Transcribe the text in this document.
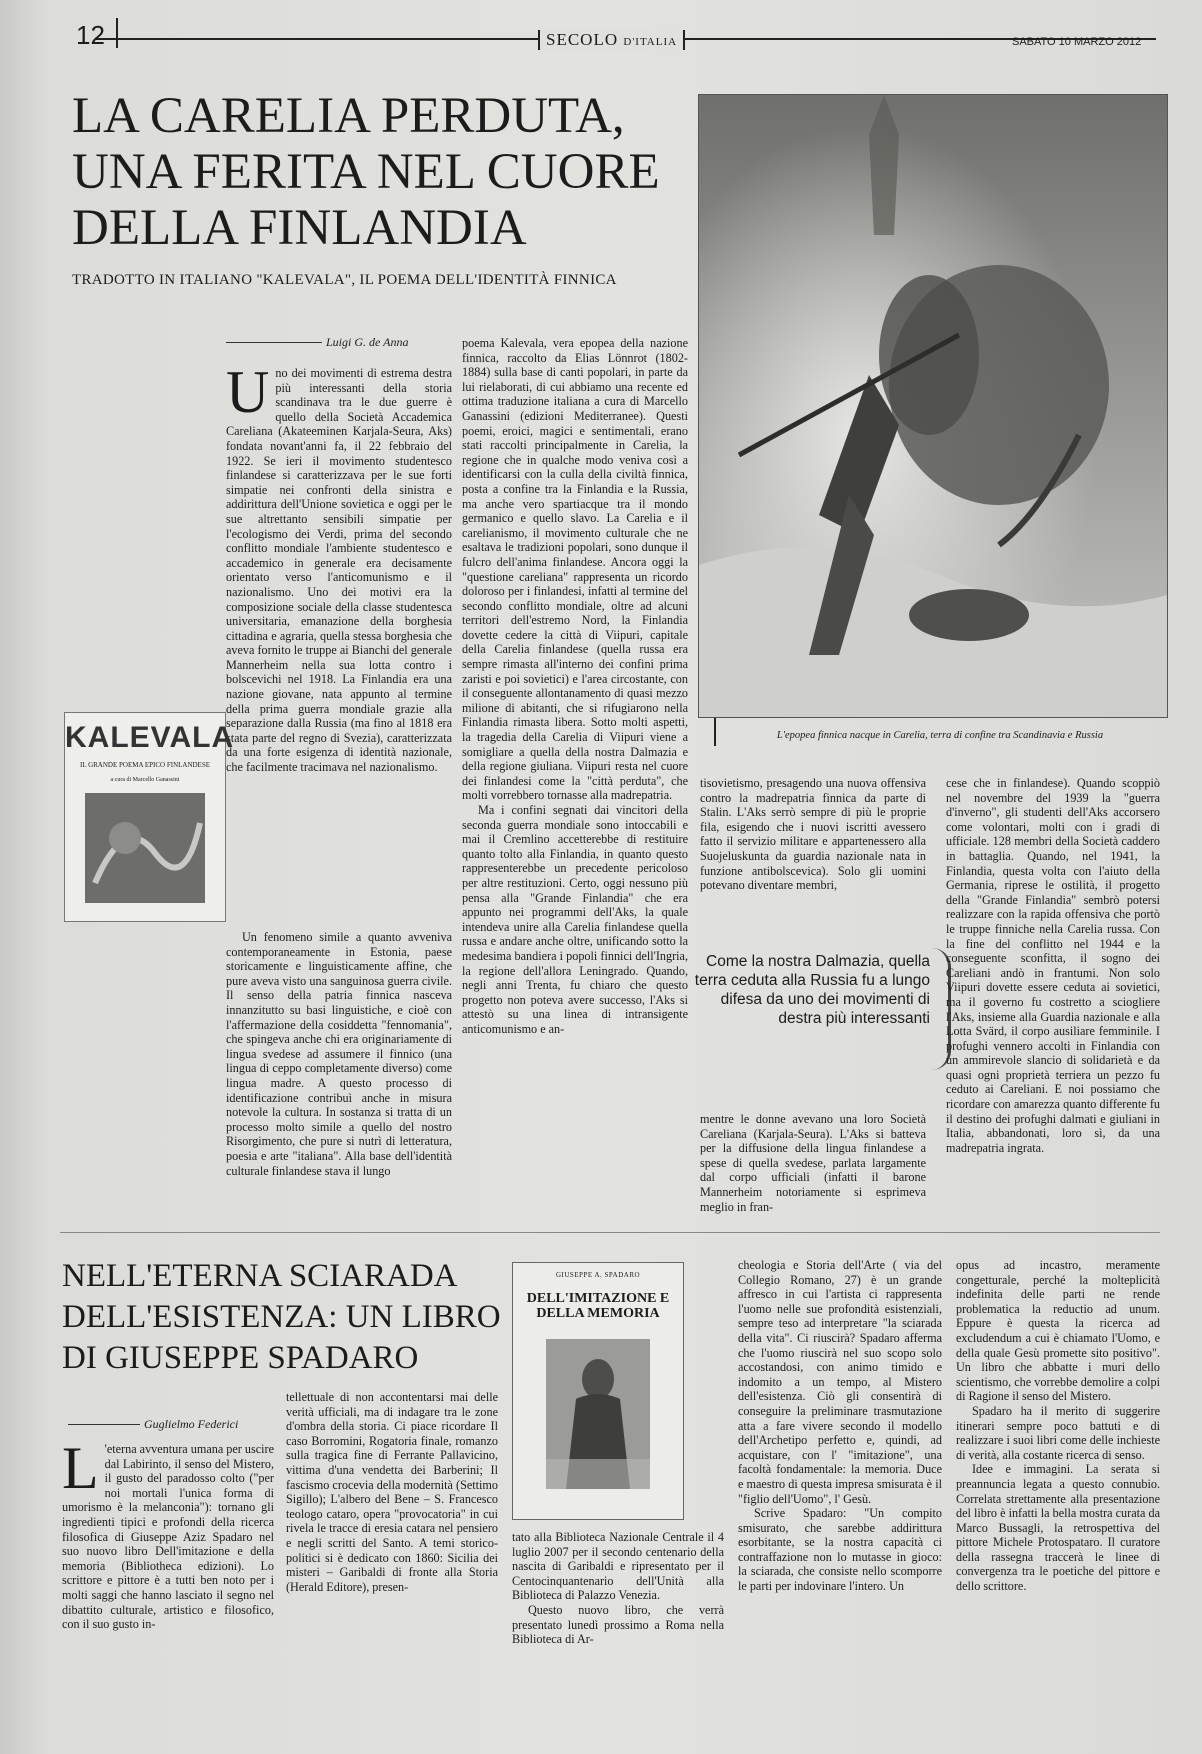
12	SECOLO D'ITALIA	SABATO 10 MARZO 2012
LA CARELIA PERDUTA,
UNA FERITA NEL CUORE
DELLA FINLANDIA
TRADOTTO IN ITALIANO "KALEVALA", IL POEMA DELL'IDENTITÀ FINNICA
Luigi G. de Anna
L'epopea finnica nacque in Carelia, terra di confine tra Scandinavia e Russia

Uno dei movimenti di estrema destra più interessanti della storia scandinava tra le due guerre è quello della Società Accademica Careliana (Akateeminen Karjala-Seura, Aks) fondata novant'anni fa, il 22 febbraio del 1922. Se ieri il movimento studentesco finlandese si caratterizzava per le sue forti simpatie nei confronti della sinistra e addirittura dell'Unione sovietica e oggi per le sue altrettanto sensibili simpatie per l'ecologismo dei Verdi, prima del secondo conflitto mondiale l'ambiente studentesco e accademico in generale era decisamente orientato verso l'anticomunismo e il nazionalismo. Uno dei motivi era la composizione sociale della classe studentesca universitaria, emanazione della borghesia cittadina e agraria, quella stessa borghesia che aveva fornito le truppe ai Bianchi del generale Mannerheim nella sua lotta contro i bolscevichi nel 1918. La Finlandia era una nazione giovane, nata appunto al termine della prima guerra mondiale grazie alla separazione dalla Russia (ma fino al 1818 era stata parte del regno di Svezia), caratterizzata da una forte esigenza di identità nazionale, che facilmente tracimava nel nazionalismo.

Un fenomeno simile a quanto avveniva contemporaneamente in Estonia, paese storicamente e linguisticamente affine, che pure aveva visto una sanguinosa guerra civile. Il senso della patria finnica nasceva innanzitutto su basi linguistiche, e cioè con l'affermazione della cosiddetta "fennomania", che spingeva anche chi era originariamente di lingua svedese ad assumere il finnico (una lingua di ceppo completamente diverso) come lingua madre. A questo processo di identificazione contribuì anche in misura notevole la cultura. In sostanza si tratta di un processo molto simile a quello del nostro Risorgimento, che pure si nutrì di letteratura, poesia e arte "italiana". Alla base dell'identità culturale finlandese stava il lungo

KALEVALA
IL GRANDE POEMA EPICO FINLANDESE
a cura di Marcello Ganassini

poema Kalevala, vera epopea della nazione finnica, raccolto da Elias Lönnrot (1802-1884) sulla base di canti popolari, in parte da lui rielaborati, di cui abbiamo una recente ed ottima traduzione italiana a cura di Marcello Ganassini (edizioni Mediterranee). Questi poemi, eroici, magici e sentimentali, erano stati raccolti principalmente in Carelia, la regione che in qualche modo veniva così a identificarsi con la culla della civiltà finnica, posta a confine tra la Finlandia e la Russia, ma anche vero spartiacque tra il mondo germanico e quello slavo. La Carelia e il carelianismo, il movimento culturale che ne esaltava le tradizioni popolari, sono dunque il fulcro dell'anima finlandese. Ancora oggi la "questione careliana" rappresenta un ricordo doloroso per i finlandesi, infatti al termine del secondo conflitto mondiale, oltre ad alcuni territori dell'estremo Nord, la Finlandia dovette cedere la città di Viipuri, capitale della Carelia finlandese (quella russa era sempre rimasta all'interno dei confini prima zaristi e poi sovietici) e l'area circostante, con il conseguente allontanamento di quasi mezzo milione di abitanti, che si rifugiarono nella Finlandia rimasta libera. Sotto molti aspetti, la tragedia della Carelia di Viipuri viene a somigliare a quella della nostra Dalmazia e della regione giuliana. Viipuri resta nel cuore dei finlandesi come la "città perduta", che molti vorrebbero tornasse alla madrepatria.

Ma i confini segnati dai vincitori della seconda guerra mondiale sono intoccabili e mai il Cremlino accetterebbe di restituire quanto tolto alla Finlandia, in quanto questo rappresenterebbe un precedente pericoloso per altre restituzioni. Certo, oggi nessuno più pensa alla "Grande Finlandia" che era appunto nei programmi dell'Aks, la quale intendeva unire alla Carelia finlandese quella russa e andare anche oltre, unificando sotto la medesima bandiera i popoli finnici dell'Ingria, la regione dell'allora Leningrado. Quando, negli anni Trenta, fu chiaro che questo progetto non poteva avere successo, l'Aks si attestò su una linea di intransigente anticomunismo e an-

tisovietismo, presagendo una nuova offensiva contro la madrepatria finnica da parte di Stalin. L'Aks serrò sempre di più le proprie fila, esigendo che i nuovi iscritti avessero fatto il servizio militare e appartenessero alla Suojeluskunta da guardia nazionale nata in funzione antibolscevica). Solo gli uomini potevano diventare membri,

Come la nostra Dalmazia, quella terra ceduta alla Russia fu a lungo difesa da uno dei movimenti di destra più interessanti

mentre le donne avevano una loro Società Careliana (Karjala-Seura). L'Aks si batteva per la diffusione della lingua finlandese a spese di quella svedese, parlata largamente dal corpo ufficiali (infatti il barone Mannerheim notoriamente si esprimeva meglio in fran-

cese che in finlandese). Quando scoppiò nel novembre del 1939 la "guerra d'inverno", gli studenti dell'Aks accorsero come volontari, molti con i gradi di ufficiale. 128 membri della Società caddero in battaglia. Quando, nel 1941, la Finlandia, questa volta con l'aiuto della Germania, riprese le ostilità, il progetto della "Grande Finlandia" sembrò potersi realizzare con la rapida offensiva che portò le truppe finniche nella Carelia russa. Con la fine del conflitto nel 1944 e la conseguente sconfitta, il sogno dei Careliani andò in frantumi. Non solo Viipuri dovette essere ceduta ai sovietici, ma il governo fu costretto a sciogliere l'Aks, insieme alla Guardia nazionale e alla Lotta Svärd, il corpo ausiliare femminile. I profughi vennero accolti in Finlandia con un ammirevole slancio di solidarietà e da quasi ogni proprietà terriera un pezzo fu ceduto ai Careliani. E noi possiamo che ricordare con amarezza quanto differente fu il destino dei profughi dalmati e giuliani in Italia, abbandonati, loro sì, da una madrepatria ingrata.

NELL'ETERNA SCIARADA
DELL'ESISTENZA: UN LIBRO
DI GIUSEPPE SPADARO
Guglielmo Federici

L 'eterna avventura umana per uscire dal Labirinto, il senso del Mistero, il gusto del paradosso colto ("per noi mortali l'unica forma di umorismo è la melanconia"): tornano gli ingredienti tipici e profondi della ricerca filosofica di Giuseppe Aziz Spadaro nel suo nuovo libro Dell'imitazione e della memoria (Bibliotheca edizioni). Lo scrittore e pittore è a tutti ben noto per i molti saggi che hanno lasciato il segno nel dibattito culturale, artistico e filosofico, con il suo gusto in-

tellettuale di non accontentarsi mai delle verità ufficiali, ma di indagare tra le zone d'ombra della storia. Ci piace ricordare Il caso Borromini, Rogatoria finale, romanzo sulla tragica fine di Ferrante Pallavicino, vittima d'una vendetta dei Barberini; Il fascismo crocevia della modernità (Settimo Sigillo); L'albero del Bene – S. Francesco teologo cataro, opera "provocatoria" in cui rivela le tracce di eresia catara nel pensiero e negli scritti del Santo. A temi storico-politici si è dedicato con 1860: Sicilia dei misteri – Garibaldi di fronte alla Storia (Herald Editore), presen-

GIUSEPPE A. SPADARO
DELL'IMITAZIONE E DELLA MEMORIA

tato alla Biblioteca Nazionale Centrale il 4 luglio 2007 per il secondo centenario della nascita di Garibaldi e ripresentato per il Centocinquantenario dell'Unità alla Biblioteca di Palazzo Venezia.

Questo nuovo libro, che verrà presentato lunedì prossimo a Roma nella Biblioteca di Ar-

cheologia e Storia dell'Arte ( via del Collegio Romano, 27) è un grande affresco in cui l'artista ci rappresenta l'uomo nelle sue profondità esistenziali, sempre teso ad interpretare "la sciarada della vita". Ci riuscirà? Spadaro afferma che l'uomo riuscirà nel suo scopo solo accostandosi, con animo timido e indomito a un tempo, al Mistero dell'esistenza. Ciò gli consentirà di conseguire la preliminare trasmutazione atta a fare vivere secondo il modello dell'Archetipo perfetto e, quindi, ad acquistare, con l' "imitazione", una facoltà fondamentale: la memoria. Duce e maestro di questa impresa smisurata è il "figlio dell'Uomo", l' Gesù.

Scrive Spadaro: "Un compito smisurato, che sarebbe addirittura esorbitante, se la nostra capacità ci contraffazione non lo mutasse in gioco: la sciarada, che consiste nello scomporre le parti per indovinare l'intero. Un

opus ad incastro, meramente congetturale, perché la molteplicità indefinita delle parti ne rende problematica la reductio ad unum. Eppure è questa la ricerca ad excludendum a cui è chiamato l'Uomo, e della quale Gesù promette sito positivo". Un libro che abbatte i muri dello scientismo, che vorrebbe demolire a colpi di Ragione il senso del Mistero.

Spadaro ha il merito di suggerire itinerari sempre poco battuti e di realizzare i suoi libri come delle inchieste di verità, alla costante ricerca di senso.

Idee e immagini. La serata si preannuncia legata a questo connubio. Correlata strettamente alla presentazione del libro è infatti la bella mostra curata da Marco Bussagli, la retrospettiva del pittore Michele Protospataro. Il curatore della rassegna traccerà le linee di convergenza tra le poetiche del pittore e dello scrittore.
